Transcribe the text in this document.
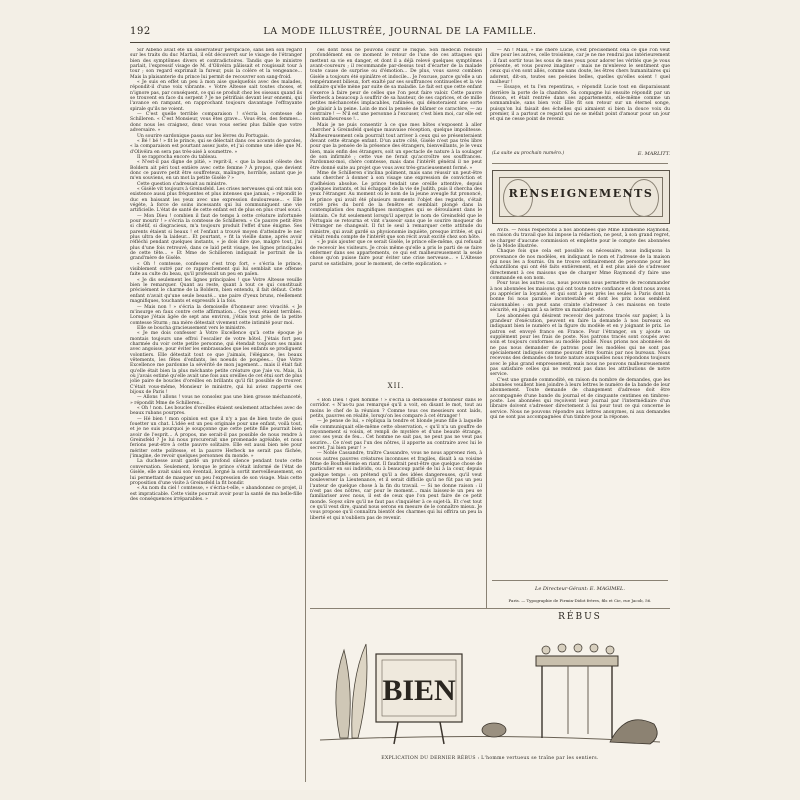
192	LA MODE ILLUSTRÉE, JOURNAL DE LA FAMILLE.

Sir Albéno avait été un observateur perspicace, sans lien son regard sur les traits du duc Martial, il eût découvert sur le visage de l'étranger bien des symptômes divers et contradictoires. Tandis que le ministre parlait, l'expressif visage de M. d'Olivéira pâlissait et rougissait tour à tour ; son regard exprimait la fureur, puis la colère et la vengeance... Mais la plaisanterie du prince lui permit de recouvrer son sang-froid.

« Je suis en effet un peu à mon aise quelquefois avec des malades, répondit-il d'une voix vibrante. « Votre Altesse sait toutes choses, et n'ignore pas, par conséquent, ce qui se produit chez les oiseaux quand ils se trouvent en face du serpent ? Je ne pétrifiais devant leur ennemi, qui l'avance en rampant, en rapprochant toujours davantage l'effrayante spirale qu'ils ne voient.

— C'est quelle terrible comparaison ! s'écria la comtesse de Schilleren. « C'est Monsieur, vous êtes grave... Vous êtes, des femmes... donc nous les craignez, donc vous vous seriez plus faible que votre adversaire. »

Un sourire sardonique passa sur les lèvres du Portugais.

« Bé ! bé ! » fit le prince, qui se délectait dans ces accents de paroles, « la comparaison est pourtant assez juste, et j'ai comme une idée que M. d'Olivéira en sera pas très-aisé à soumettre. »

Il se rapprocha encore du tableau.

« N'est-il pas digne de pitié, » reprit-il, « que la beauté céleste des Boldern ait péri tout entière avec cette femme ? À propos, que devient donc ce pauvre petit être souffreteux, malingre, horrible, autant que je m'en souviens, en un mot la petite Gisèle ? »

Cette question s'adressait au ministre.

« Gisèle vit toujours à Greinsfeld. Les crises nerveuses qui ont mis son existence aussi plus fréquentes et plus intenses que jamais, » répondit le duc en baissant les yeux avec une expression douloureuse... « Elle végète, à force de soins incessants qui lui communiquent une vie artificielle. L'état de santé de cette enfant est de plus en plus cruel souci.

— Mon Dieu ! combien il faut de temps à cette créature infortunée pour mourir ! » s'écria la comtesse de Schilleren. « Ce pauvre petit être si chétif, si disgracieux, m'a toujours produit l'effet d'une énigme. Ses parents étaient si beaux ! et l'enfant a trouvé moyen d'atteindre le nec plus ultra de la laideur... Et pourtant, » fit la vieille dame, après avoir réfléchi pendant quelques instants, « je dois dire que, malgré tout, j'ai plus d'une fois retrouvé, dans ce laid petit visage, les lignes principales de cette tête... » Et Mme de Schilleren indiquait le portrait de la grand'mère de Gisèle.

« Oh ! comtesse, confessez c'est trop fort, » s'écria le prince, visiblement outré par ce rapprochement qui lui semblait une offense faite au culte du beau, qu'il professait un peu en païen.

« Je dis seulement les lignes principales ! que Votre Altesse veuille bien le remarquer. Quant au reste, quant à tout ce qui constituait précisément le charme de la Boldern, bien entendu, il fait défaut. Cette enfant n'avait qu'une seule beauté... une paire d'yeux bruns, réellement magnifiques, touchants et expressifs à la fois.

— Mais non ! » s'écria la demoiselle d'honneur avec vivacité. « Je m'insurge en faux contre cette affirmation... Ces yeux étaient terribles. Lorsque j'étais âgée de sept ans environ, j'étais tout près de la petite comtesse Sturm ; ma mère détestait vivement cette intimité pour moi.

Elle se boucha gracieusement vers le ministre.

« Je me dois confesser à Votre Excellence qu'à cette époque je montais toujours une effroi l'escalier de votre hôtel. J'étais fort peu charmée du voir cette petite personne, qui étendait toujours ses mains avec angoisse, pour éviter les embrassades que les enfants se prodiguent volontiers. Elle détestait tout ce que j'aimais, l'élégance, les beaux vêtements, les fêtes d'enfants, les noeuds de poupées... Que Votre Excellence me pardonne la sévérité de mon jugement... mais il était fait qu'elle était bien la plus méchante petite créature que j'aie vu. Mais, là où j'avais estimé qu'elle avait une fois aux oreilles de cet étui sort de plus jolie paire de boucles d'oreilles en brillants qu'il fût possible de trouver. C'était vous-même, Monsieur le ministre, qui lui aviez rapporté ces bijoux de Paris !

— Allons ! allons ! vous ne consolez pas une bien grosse méchanceté, » répondit Mme de Schilleren...

« Oh ! non. Les boucles d'oreilles étaient seulement attachées avec de beaux rubans pourpres.

— Hé bien ! mon opinion est que il n'y a pas de bien toute de quoi fouetter un chat. L'idée est un peu originale pour une enfant, voilà tout, et je ne suis pourquoi je soupçonne que cette petite fille pourrait bien avoir de l'esprit... À propos, me serait-il pas possible de nous rendre à Greinsfeld ? Je lui nous procurerait une promenade agréable, et nous ferions peut-être à cette pauvre solitaire. Elle est aussi bien née pour mériter cette politesse, et la pauvre Herbeck ne serait pas fâchée, j'imagine, de revoir quelques personnes du monde. »

La duchesse avait gardé un profond silence pendant toute cette conversation. Seulement, lorsque le prince s'était informé de l'état de Gisèle, elle avait saisi son éventail, lorgné la sortit merveilleusement, en lui permettant de masquer un peu l'expression de son visage. Mais cette proposition d'une visite à Greinsfeld la fit bondir.

« Au nom du ciel ! comtesse, » s'écria-t-elle, « abandonnez ce projet, il est impraticable. Cette visite pourrait avoir pour la santé de ma belle-fille des conséquences irréparables. »

ces dont nous ne pouvons courir le risque. Son médecin redoute profondément en ce moment le retour de l'une de ces attaques qui mettent sa vie en danger, et dont il a déjà relevé quelques symptômes avant-coureurs ; il recommande par-dessus tout d'écarter de la malade toute cause de surprise ou d'émotion... De plus, vous savez combien Gisèle a toujours été opiniâtre et indocile... Je l'excuse, parce qu'elle a un tempérament bilieux, fort exalté par ses souffrances continuelles et la vie solitaire qu'elle mène par suite de sa maladie. Le fait est que cette enfant s'exerce à faire peur de celles que l'on peut faire valoir. Cette pauvre Herbeck a beaucoup à souffrir de sa hauteur, de ses caprices, et de mille petites méchancetés implacables, rafiinées, qui dénoteraient une sorte de plaisir à la peine. Loin de moi la pensée de blâmer ce caractère, — au contraire ! — N'il est une personne à l'excuser, c'est bien moi, car elle est bien malheureuse !...

Mais je ne puis consentir à ce que mes hôtes s'exposent à aller chercher à Greinsfeld quelque mauvaise réception, quelque impolitesse. Malheureusement cela pourrait tout arriver à ceux qui se présenteraient devant cette étrange enfant. D'un autre côté, Gisèle n'est pas très libre pour que la pensée de la présence des étrangers, bienveillants, je le veux bien, mais enfin des étrangers, soit un spectacle de nature à la soulager de son infirmité ; cette vue ne ferait qu'accroître ses souffrances. Pardonnez-moi, chère comtesse, mais dans l'intérêt général il ne peut être donné suite au projet que vous avez très-gracieusement formé. »

Mme de Schilleren s'inclina poliment, mais sans réussir un peut-être sans chercher à donner à son visage une expression de conviction et d'adhésion absolue. Le prince tendait une oreille attentive, depuis quelques instants, et lui échappait de la vie de Judith, puis il chercha des yeux l'étranger. Au moment où le nom de la jeune aveugle fut prononcé, le prince qui avait été plusieurs moments l'objet des regards, s'était retiré près du bord de la fenêtre et semblait plongé dans la contemplation des magnifiques montagnes qui se déroulaient dans le lointain. Ce fut seulement lorsqu'il aperçut le nom de Greinsfeld que le Portugais se retourna et vint s'asseoir sans que le sourire moqueur de l'étranger ne changeait. Il fut le seul à remarquer cette attitude du ministre, qui avait gardé sa physionomie inquiète, presque irritée, et qui s'était rendu compte de l'intérêt que son récit avait excité chez son hôte.

« Je puis ajouter que ce serait Gisèle, le prince elle-même, qui refusait de recevoir les visiteurs. Je crois même qu'elle a pris le parti de se faire enfermer dans ses appartements, ce qui est malheureusement la seule chose qu'on puisse faire pour éviter une crise nerveuse... » L'Altesse parut se satisfaire, pour le moment, de cette explication. »

XII.

« Bon Dieu ! quel homme ! » s'écria la demoiselle d'honneur dans le corridor. « N'as-tu pas remarqué qu'il a voit, en disant le mot, tout au moins le chef de la réunion ? Comme tous ces messieurs sont laids, petits, pauvres en réalité, lorsqu'on les compare à cet étranger !

— Je pense de lui, » répliqua la tendre et blonde jeune fille à laquelle elle communiquait elle-même cette observation, « qu'il n'a un gouffre de rayonnement si voisin, et rempli de mystère et d'une beauté étrange, avec ses yeux de feu... Cet homme ne sait pas, ne peut pas ne veut pas sourire... Ce n'est pas l'un des nôtres, il apporte au contraire avec lui le secret. J'ai bien peur ! »

— Noble Cassandre, traître Cassandre, vous ne nous apprenez rien, à nous autres pauvres créatures inconnues et fragiles, disait à sa voisine Mme de Bouthélemie en riant. Il faudrait peut-être que quelque chose de particulier en soi individu, ou à beaucoup parlé de lui à la cour, depuis quelque temps : on prétend qu'il a des idées dangereuses, qu'il veut bouleverser la Lieutenance, et il serait difficile qu'il ne fût pas un peu l'auteur de quelque chose à la fin du travail. — Si ne donne raison : il n'est pas des nôtres, car pour le moment... mais laissez-le un peu se familiariser avec nous, il est de ceux que l'on peut faire de ce petit monde. Soyez sûre qu'il ne faut pas s'inquiéter à ce sujet-là. Et c'est tout ce qu'il veut dire, quand nous serons en mesure de le connaître mieux. Je vous propose qu'il connaîtra bientôt des charmes qui lui offrira un peu la liberté et qui n'oubliera pas de revenir.

— Ah ! Mais, » me chère Lucie, s'est précisément cela ce que l'on veut dire pour les autres, celle troisième, car je ne me rendrai pas intérieurement : il faut sortir tous les sous de mes yeux pour adorer les vérités que je vous présente, et vous pouvez imaginer : mais ne m'enlevez le sentiment que ceux qui s'en sont allés, comme sans doute, les êtres chers humanitaires qui adorent, dit-on, toutes ses poésies belles, quelles qu'elles soient ! quel malheur !

— Essaye, et tu l'en repentiras, » répondit Lucie tout en disparaissant derrière la porte de la chambre. Sa compagne lui ensuite répondit par un frisson, et était rentrée dans ses appartements, elle-même comme un somnambule, sans bien voir. Elle fit son retour sur un éternel songe, puisqu'on lui faisait des échelles qui aimaient si bien la douce voix du premier, il a partout ce regard qui ne se méfait point d'amour pour un jour et qui ne cesse point de revenir.

(La suite au prochain numéro.)	E. MARLITT.
RENSEIGNEMENTS

AVIS. — Nous respectons à nos abonnées que Mme Emmeline Raymond, en raison du travail que lui impose la rédaction, ne peut, à son grand regret, se charger d'aucune commission et emplette pour le compte des abonnées de la Mode illustrée.

Chaque fois que cela est possible ou nécessaire, nous indiquons la provenance de nos modèles, en indiquant le nom et l'adresse de la maison qui nous les a fournis. On ne trouve ordinairement de personne pour les échantillons qui ont été faits entièrement, et il est plus aisé de s'adresser directement à ces maisons que de charger Mme Raymond d'y faire une commande en son nom.

Pour tous les autres cas, nous pouvons nous permettre de recommander à nos abonnées les maisons qui ont toute notre confiance et dont nous avons pu apprécier la loyauté, et qui sont à peu près les seules à Paris dont la bonne foi nous paraisse incontestable et dont les prix nous semblent raisonnables : on peut sans crainte s'adresser à ces maisons en toute sécurité, en joignant à sa lettre un mandat-poste.

Les abonnées qui désirent recevoir des patrons tracés sur papier, à la grandeur d'exécution, peuvent en faire la demande à nos bureaux en indiquant bien le numéro et la figure du modèle et en y joignant le prix. Le patron est envoyé franco en France. Pour l'étranger, on y ajoute un supplément pour les frais de poste. Nos patrons tracés sont coupés avec soin et toujours conformes au modèle publié. Nous prions nos abonnées de ne pas nous demander de patrons pour les modèles qui ne sont pas spécialement indiqués comme pouvant être fournis par nos bureaux. Nous recevons des demandes de toute nature auxquelles nous répondons toujours avec le plus grand empressement, mais nous ne pouvons malheureusement pas satisfaire celles qui ne rentrent pas dans les attributions de notre service.

C'est une grande commodité, en raison du nombre de demandes, que les abonnées veuillent bien joindre à leurs lettres le numéro de la bande de leur abonnement. Toute demande de changement d'adresse doit être accompagnée d'une bande du journal et de cinquante centimes en timbres-poste. Les abonnées qui reçoivent leur journal par l'intermédiaire d'un libraire doivent s'adresser directement à lui pour tout ce qui concerne le service. Nous ne pouvons répondre aux lettres anonymes, ni aux demandes qui ne sont pas accompagnées d'un timbre pour la réponse.

Le Directeur-Gérant: E. MAGIMEL.
Paris. — Typographie de Firmin-Didot frères, fils et Cie, rue Jacob, 56.
RÉBUS
BIEN
EXPLICATION DU DERNIER RÉBUS : L'homme vertueux se traîne par les sentiers.
